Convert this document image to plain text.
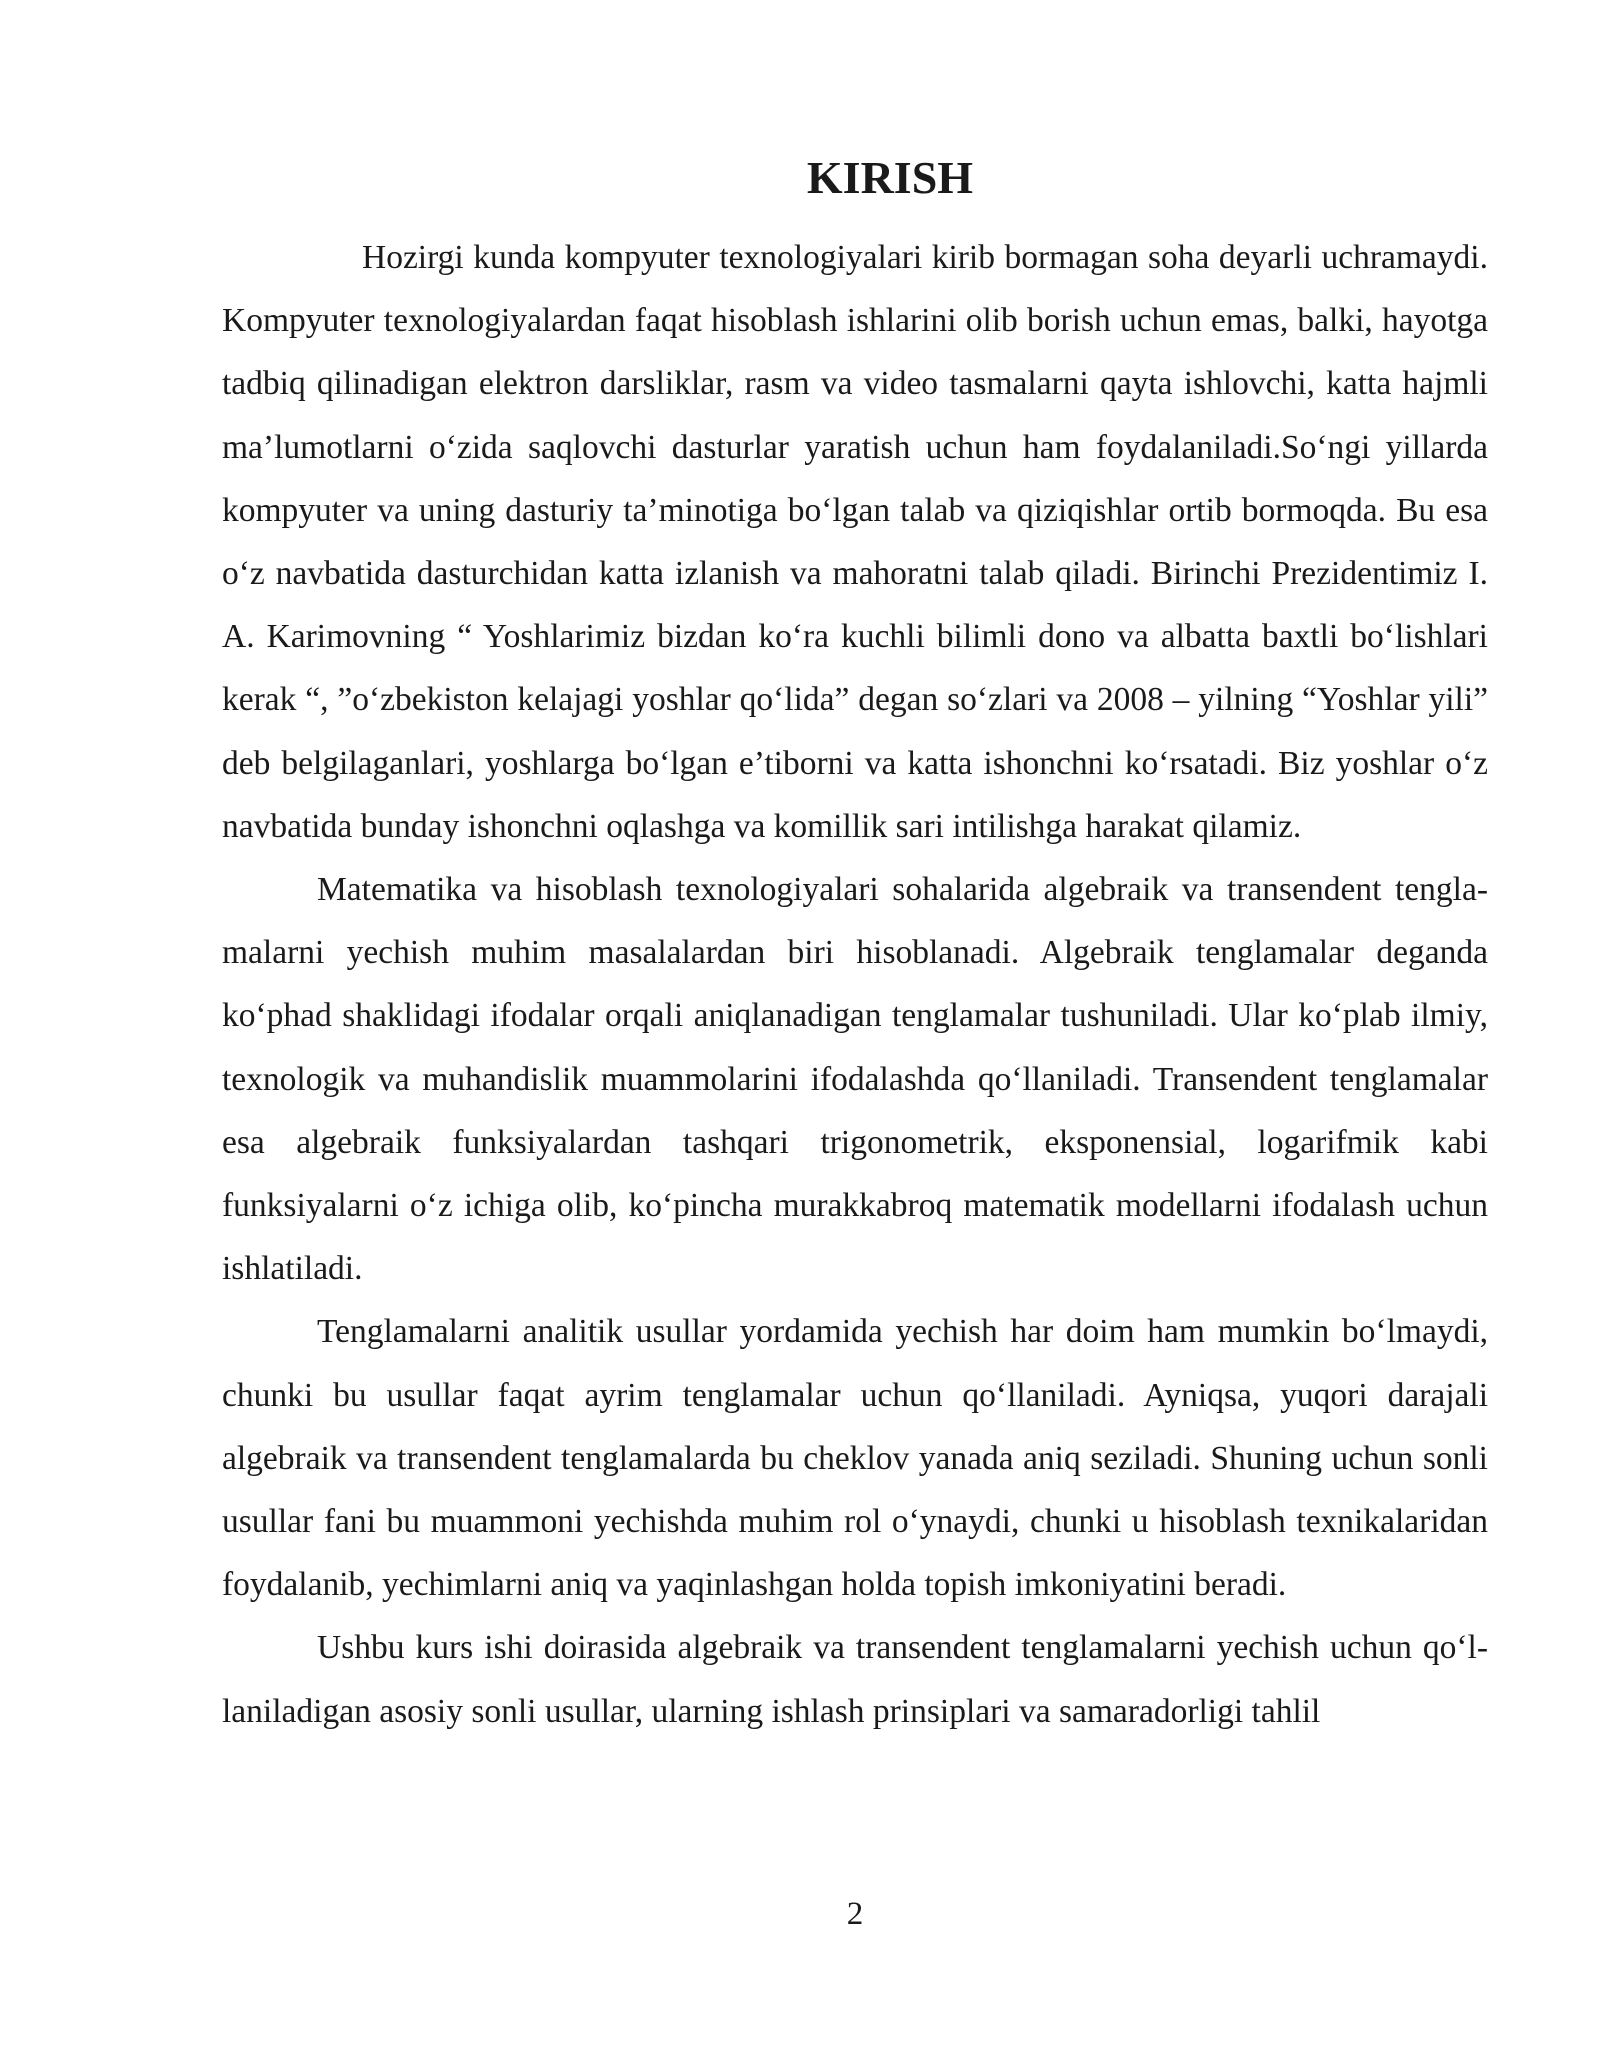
KIRISH

Hozirgi kunda kompyuter texnologiyalari kirib bormagan soha deyarli uchramaydi. Kompyuter texnologiyalardan faqat hisoblash ishlarini olib borish uchun emas, balki, hayotga tadbiq qilinadigan elektron darsliklar, rasm va video tasmalarni qayta ishlovchi, katta hajmli ma’lumotlarni o‘zida saqlovchi dasturlar yaratish uchun ham foydalaniladi.So‘ngi yillarda kompyuter va uning dasturiy ta’minotiga bo‘lgan talab va qiziqishlar ortib bormoqda. Bu esa o‘z navbatida dasturchidan katta izlanish va mahoratni talab qiladi. Birinchi Prezidentimiz I. A. Karimovning “ Yoshlarimiz bizdan ko‘ra kuchli bilimli dono va albatta baxtli bo‘lishlari kerak “, ”o‘zbekiston kelajagi yoshlar qo‘lida” degan so‘zlari va 2008 – yilning “Yoshlar yili” deb belgilaganlari, yoshlarga bo‘lgan e’tiborni va katta ishonchni ko‘rsatadi. Biz yoshlar o‘z navbatida bunday ishonchni oqlashga va komillik sari intilishga harakat qilamiz.

Matematika va hisoblash texnologiyalari sohalarida algebraik va transendent tengla-malarni yechish muhim masalalardan biri hisoblanadi. Algebraik tenglamalar deganda ko‘phad shaklidagi ifodalar orqali aniqlanadigan tenglamalar tushuniladi. Ular ko‘plab ilmiy, texnologik va muhandislik muammolarini ifodalashda qo‘llaniladi. Transendent tenglamalar esa algebraik funksiyalardan tashqari trigonometrik, eksponensial, logarifmik kabi funksiyalarni o‘z ichiga olib, ko‘pincha murakkabroq matematik modellarni ifodalash uchun ishlatiladi.

Tenglamalarni analitik usullar yordamida yechish har doim ham mumkin bo‘lmaydi, chunki bu usullar faqat ayrim tenglamalar uchun qo‘llaniladi. Ayniqsa, yuqori darajali algebraik va transendent tenglamalarda bu cheklov yanada aniq seziladi. Shuning uchun sonli usullar fani bu muammoni yechishda muhim rol o‘ynaydi, chunki u hisoblash texnikalaridan foydalanib, yechimlarni aniq va yaqinlashgan holda topish imkoniyatini beradi.

Ushbu kurs ishi doirasida algebraik va transendent tenglamalarni yechish uchun qo‘l-laniladigan asosiy sonli usullar, ularning ishlash prinsiplari va samaradorligi tahlil

2
